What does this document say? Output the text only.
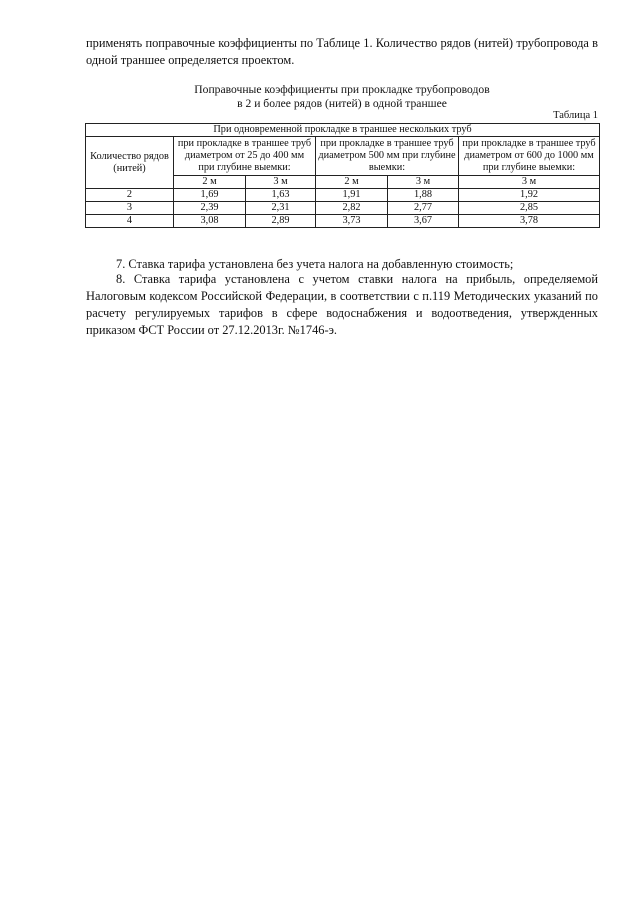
применять поправочные коэффициенты по Таблице 1. Количество рядов (нитей) трубопровода в одной траншее определяется проектом.
Поправочные коэффициенты при прокладке трубопроводов
в 2 и более рядов (нитей) в одной траншее
Таблица 1
При одновременной прокладке в траншее нескольких труб					
Количество рядов (нитей)	при прокладке в траншее труб диаметром от 25 до 400 мм при глубине выемки:		при прокладке в траншее труб диаметром 500 мм при глубине выемки:		при прокладке в траншее труб диаметром от 600 до 1000 мм при глубине выемки:
	2 м	3 м	2 м	3 м	3 м
2	1,69	1,63	1,91	1,88	1,92
3	2,39	2,31	2,82	2,77	2,85
4	3,08	2,89	3,73	3,67	3,78
7. Ставка тарифа установлена без учета налога на добавленную стоимость;
8. Ставка тарифа установлена с учетом ставки налога на прибыль, определяемой Налоговым кодексом Российской Федерации, в соответствии с п.119 Методических указаний по расчету регулируемых тарифов в сфере водоснабжения и водоотведения, утвержденных приказом ФСТ России от 27.12.2013г. №1746-э.
